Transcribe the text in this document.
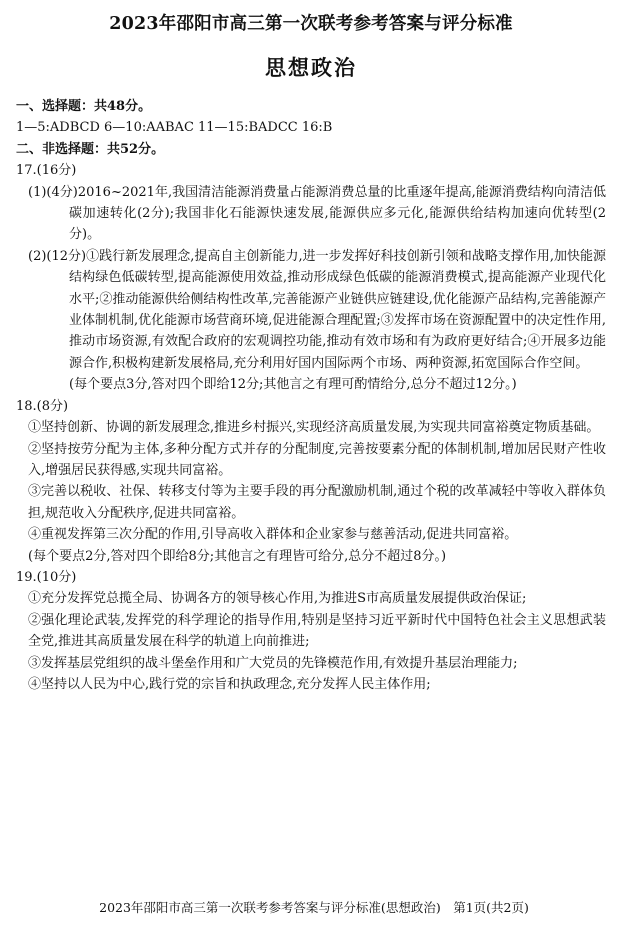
2023年邵阳市高三第一次联考参考答案与评分标准
思想政治
一、选择题：共48分。
1—5:ADBCD 6—10:AABAC 11—15:BADCC 16:B
二、非选择题：共52分。
17.(16分)
(1)(4分)2016~2021年,我国清洁能源消费量占能源消费总量的比重逐年提高,能源消费结构向清洁低碳加速转化(2分);我国非化石能源快速发展,能源供应多元化,能源供给结构加速向优转型(2分)。
(2)(12分)①践行新发展理念,提高自主创新能力,进一步发挥好科技创新引领和战略支撑作用,加快能源结构绿色低碳转型,提高能源使用效益,推动形成绿色低碳的能源消费模式,提高能源产业现代化水平;②推动能源供给侧结构性改革,完善能源产业链供应链建设,优化能源产品结构,完善能源产业体制机制,优化能源市场营商环境,促进能源合理配置;③发挥市场在资源配置中的决定性作用,推动市场资源,有效配合政府的宏观调控功能,推动有效市场和有为政府更好结合;④开展多边能源合作,积极构建新发展格局,充分利用好国内国际两个市场、两种资源,拓宽国际合作空间。
(每个要点3分,答对四个即给12分;其他言之有理可酌情给分,总分不超过12分。)
18.(8分)
①坚持创新、协调的新发展理念,推进乡村振兴,实现经济高质量发展,为实现共同富裕奠定物质基础。
②坚持按劳分配为主体,多种分配方式并存的分配制度,完善按要素分配的体制机制,增加居民财产性收入,增强居民获得感,实现共同富裕。
③完善以税收、社保、转移支付等为主要手段的再分配激励机制,通过个税的改革减轻中等收入群体负担,规范收入分配秩序,促进共同富裕。
④重视发挥第三次分配的作用,引导高收入群体和企业家参与慈善活动,促进共同富裕。
(每个要点2分,答对四个即给8分;其他言之有理皆可给分,总分不超过8分。)
19.(10分)
①充分发挥党总揽全局、协调各方的领导核心作用,为推进S市高质量发展提供政治保证;
②强化理论武装,发挥党的科学理论的指导作用,特别是坚持习近平新时代中国特色社会主义思想武装全党,推进其高质量发展在科学的轨道上向前推进;
③发挥基层党组织的战斗堡垒作用和广大党员的先锋模范作用,有效提升基层治理能力;
④坚持以人民为中心,践行党的宗旨和执政理念,充分发挥人民主体作用;
2023年邵阳市高三第一次联考参考答案与评分标准(思想政治)　第1页(共2页)
